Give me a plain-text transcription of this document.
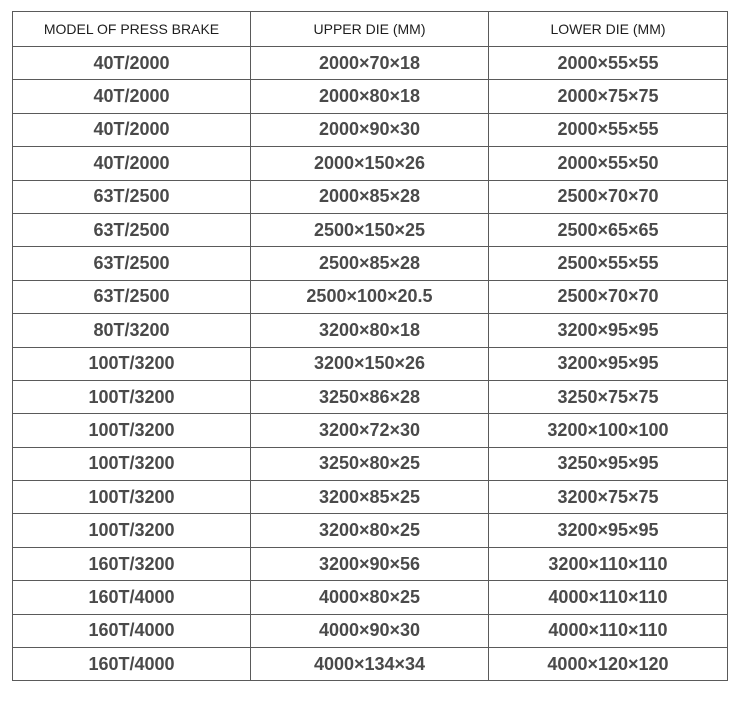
MODEL OF PRESS BRAKE	UPPER DIE (MM)	LOWER DIE (MM)
40T/2000	2000×70×18	2000×55×55
40T/2000	2000×80×18	2000×75×75
40T/2000	2000×90×30	2000×55×55
40T/2000	2000×150×26	2000×55×50
63T/2500	2000×85×28	2500×70×70
63T/2500	2500×150×25	2500×65×65
63T/2500	2500×85×28	2500×55×55
63T/2500	2500×100×20.5	2500×70×70
80T/3200	3200×80×18	3200×95×95
100T/3200	3200×150×26	3200×95×95
100T/3200	3250×86×28	3250×75×75
100T/3200	3200×72×30	3200×100×100
100T/3200	3250×80×25	3250×95×95
100T/3200	3200×85×25	3200×75×75
100T/3200	3200×80×25	3200×95×95
160T/3200	3200×90×56	3200×110×110
160T/4000	4000×80×25	4000×110×110
160T/4000	4000×90×30	4000×110×110
160T/4000	4000×134×34	4000×120×120
